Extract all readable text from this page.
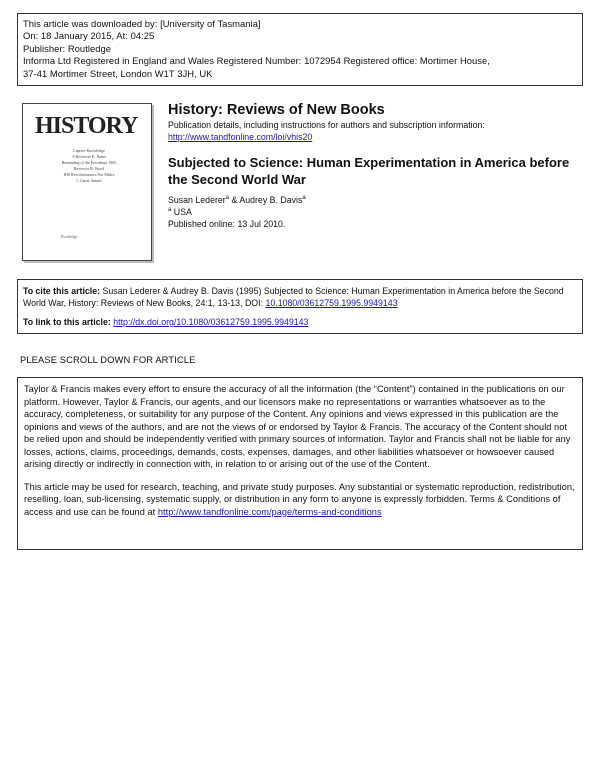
This article was downloaded by: [University of Tasmania]
On: 18 January 2015, At: 04:25
Publisher: Routledge
Informa Ltd Registered in England and Wales Registered Number: 1072954 Registered office: Mortimer House,
37-41 Mortimer Street, London W1T 3JH, UK
HISTORY
Captive Knowledge
A Reviewer E. Name
Reminding of the Presidents 1965
Reviewer B. Wood
HIS Revolutionaries Not Mules
J. Carter Annals
Routledge
History: Reviews of New Books
Publication details, including instructions for authors and subscription information:
http://www.tandfonline.com/loi/vhis20
Subjected to Science: Human Experimentation in America before the Second World War
Susan Lederer$^a$ & Audrey B. Davis$^a$
$^a$ USA
Published online: 13 Jul 2010.

To cite this article: Susan Lederer & Audrey B. Davis (1995) Subjected to Science: Human Experimentation in America before the Second World War, History: Reviews of New Books, 24:1, 13-13, DOI: 10.1080/03612759.1995.9949143

To link to this article: http://dx.doi.org/10.1080/03612759.1995.9949143

PLEASE SCROLL DOWN FOR ARTICLE

Taylor & Francis makes every effort to ensure the accuracy of all the information (the “Content”) contained in the publications on our platform. However, Taylor & Francis, our agents, and our licensors make no representations or warranties whatsoever as to the accuracy, completeness, or suitability for any purpose of the Content. Any opinions and views expressed in this publication are the opinions and views of the authors, and are not the views of or endorsed by Taylor & Francis. The accuracy of the Content should not be relied upon and should be independently verified with primary sources of information. Taylor and Francis shall not be liable for any losses, actions, claims, proceedings, demands, costs, expenses, damages, and other liabilities whatsoever or howsoever caused arising directly or indirectly in connection with, in relation to or arising out of the use of the Content.

This article may be used for research, teaching, and private study purposes. Any substantial or systematic reproduction, redistribution, reselling, loan, sub-licensing, systematic supply, or distribution in any form to anyone is expressly forbidden. Terms & Conditions of access and use can be found at http://www.tandfonline.com/page/terms-and-conditions
